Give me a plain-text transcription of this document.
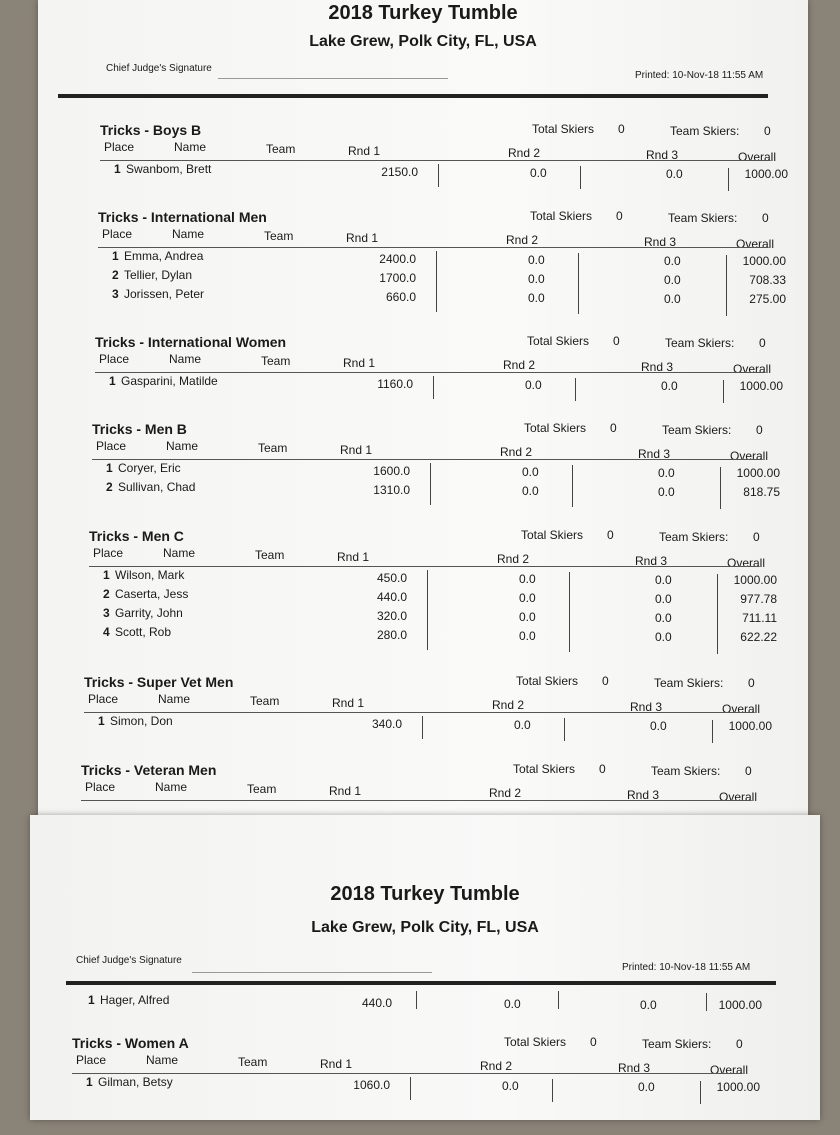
2018 Turkey Tumble
Lake Grew, Polk City, FL, USA
Chief Judge's Signature
Printed: 10-Nov-18 11:55 AM
Tricks - Boys B	Total Skiers 0	Team Skiers: 0
Place	Name	Team	Rnd 1	Rnd 2	Rnd 3	Overall
1 Swanbom, Brett	2150.0	0.0	0.0	1000.00
Tricks - International Men	Total Skiers 0	Team Skiers: 0
Place	Name	Team	Rnd 1	Rnd 2	Rnd 3	Overall
1 Emma, Andrea	2400.0	0.0	0.0	1000.00
2 Tellier, Dylan	1700.0	0.0	0.0	708.33
3 Jorissen, Peter	660.0	0.0	0.0	275.00
Tricks - International Women	Total Skiers 0	Team Skiers: 0
Place	Name	Team	Rnd 1	Rnd 2	Rnd 3	Overall
1 Gasparini, Matilde	1160.0	0.0	0.0	1000.00
Tricks - Men B	Total Skiers 0	Team Skiers: 0
Place	Name	Team	Rnd 1	Rnd 2	Rnd 3	Overall
1 Coryer, Eric	1600.0	0.0	0.0	1000.00
2 Sullivan, Chad	1310.0	0.0	0.0	818.75
Tricks - Men C	Total Skiers 0	Team Skiers: 0
Place	Name	Team	Rnd 1	Rnd 2	Rnd 3	Overall
1 Wilson, Mark	450.0	0.0	0.0	1000.00
2 Caserta, Jess	440.0	0.0	0.0	977.78
3 Garrity, John	320.0	0.0	0.0	711.11
4 Scott, Rob	280.0	0.0	0.0	622.22
Tricks - Super Vet Men	Total Skiers 0	Team Skiers: 0
Place	Name	Team	Rnd 1	Rnd 2	Rnd 3	Overall
1 Simon, Don	340.0	0.0	0.0	1000.00
Tricks - Veteran Men	Total Skiers 0	Team Skiers: 0
Place	Name	Team	Rnd 1	Rnd 2	Rnd 3	Overall
2018 Turkey Tumble
Lake Grew, Polk City, FL, USA
Chief Judge's Signature
Printed: 10-Nov-18 11:55 AM
1 Hager, Alfred	440.0	0.0	0.0	1000.00
Tricks - Women A	Total Skiers 0	Team Skiers: 0
Place	Name	Team	Rnd 1	Rnd 2	Rnd 3	Overall
1 Gilman, Betsy	1060.0	0.0	0.0	1000.00
